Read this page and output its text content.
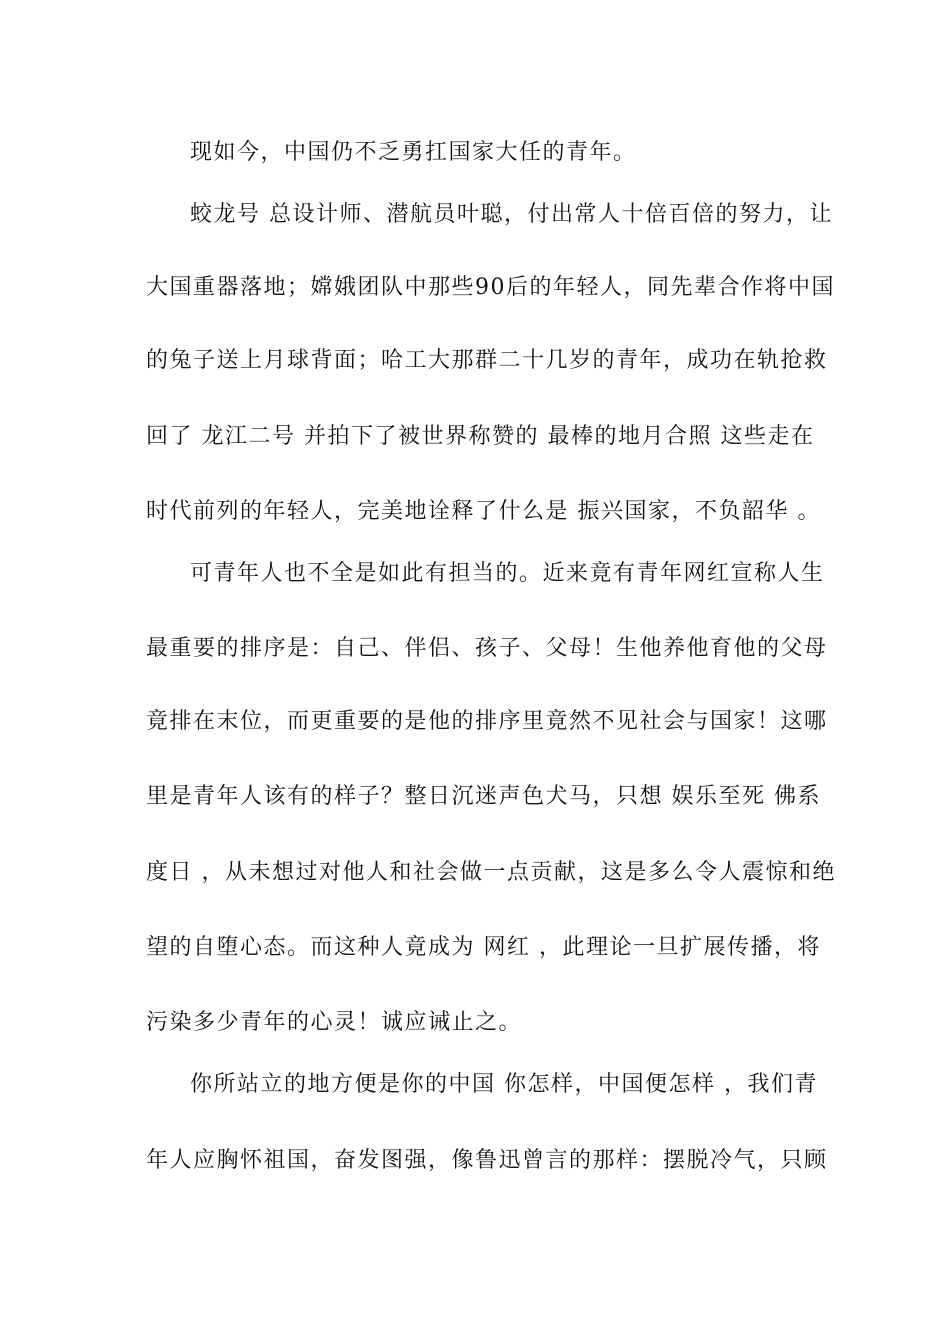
现如今，中国仍不乏勇扛国家大任的青年。
蛟龙号 总设计师、潜航员叶聪，付出常人十倍百倍的努力，让
大国重器落地；嫦娥团队中那些90后的年轻人，同先辈合作将中国
的兔子送上月球背面；哈工大那群二十几岁的青年，成功在轨抢救
回了 龙江二号 并拍下了被世界称赞的 最棒的地月合照 这些走在
时代前列的年轻人，完美地诠释了什么是 振兴国家，不负韶华 。
可青年人也不全是如此有担当的。近来竟有青年网红宣称人生
最重要的排序是：自己、伴侣、孩子、父母！生他养他育他的父母
竟排在末位，而更重要的是他的排序里竟然不见社会与国家！这哪
里是青年人该有的样子？整日沉迷声色犬马，只想 娱乐至死 佛系
度日 ，从未想过对他人和社会做一点贡献，这是多么令人震惊和绝
望的自堕心态。而这种人竟成为 网红 ，此理论一旦扩展传播，将
污染多少青年的心灵！诚应诫止之。
你所站立的地方便是你的中国 你怎样，中国便怎样 ，我们青
年人应胸怀祖国，奋发图强，像鲁迅曾言的那样：摆脱冷气，只顾
